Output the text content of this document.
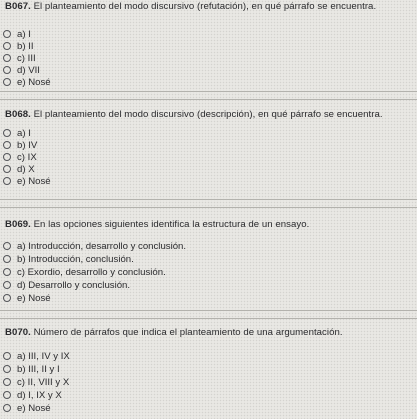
B067. El planteamiento del modo discursivo (refutación), en qué párrafo se encuentra.

a) I
b) II
c) III
d) VII
e) Nosé

B068. El planteamiento del modo discursivo (descripción), en qué párrafo se encuentra.

a) I
b) IV
c) IX
d) X
e) Nosé

B069. En las opciones siguientes identifica la estructura de un ensayo.

a) Introducción, desarrollo y conclusión.
b) Introducción, conclusión.
c) Exordio, desarrollo y conclusión.
d) Desarrollo y conclusión.
e) Nosé

B070. Número de párrafos que indica el planteamiento de una argumentación.

a) III, IV y IX
b) III, II y I
c) II, VIII y X
d) I, IX y X
e) Nosé
